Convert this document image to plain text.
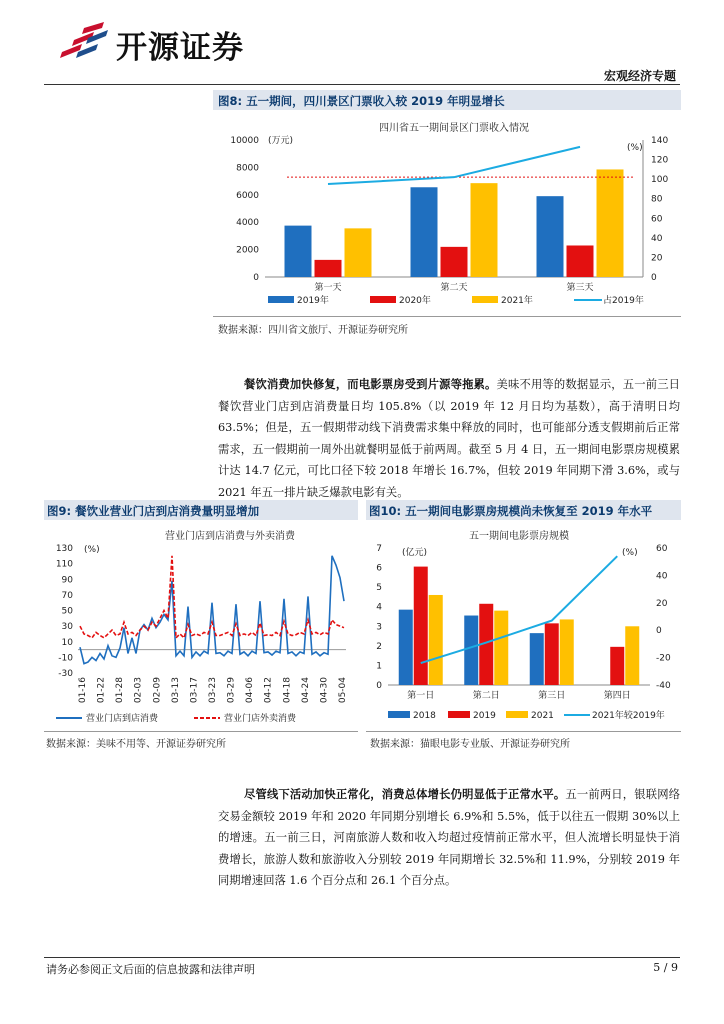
开源证券
宏观经济专题
图8: 五一期间，四川景区门票收入较 2019 年明显增长
四川省五一期间景区门票收入情况
(万元)
(%)
10000
8000
6000
4000
2000
0
140
120
100
80
60
40
20
0
第一天	第二天	第三天
2019年	2020年	2021年	占2019年
数据来源：四川省文旅厅、开源证券研究所
餐饮消费加快修复，而电影票房受到片源等拖累。美味不用等的数据显示，五一前三日餐饮营业门店到店消费量日均 105.8%（以 2019 年 12 月日均为基数），高于清明日均 63.5%；但是，五一假期带动线下消费需求集中释放的同时，也可能部分透支假期前后正常需求，五一假期前一周外出就餐明显低于前两周。截至 5 月 4 日，五一期间电影票房规模累计达 14.7 亿元，可比口径下较 2018 年增长 16.7%，但较 2019 年同期下滑 3.6%，或与 2021 年五一排片缺乏爆款电影有关。
图9: 餐饮业营业门店到店消费量明显增加
营业门店到店消费与外卖消费
(%)
130
110
90
70
50
30
10
-10
-30
01-16 01-22 01-28 02-03 02-09 03-13 03-17 03-23 03-29 04-06 04-12 04-18 04-24 04-30 05-04
营业门店到店消费	营业门店外卖消费
数据来源：美味不用等、开源证券研究所
图10: 五一期间电影票房规模尚未恢复至 2019 年水平
五一期间电影票房规模
(亿元)	(%)
7
6
5
4
3
2
1
0
60
40
20
0
-20
-40
第一日	第二日	第三日	第四日
2018	2019	2021	2021年较2019年
数据来源：猫眼电影专业版、开源证券研究所
尽管线下活动加快正常化，消费总体增长仍明显低于正常水平。五一前两日，银联网络交易金额较 2019 年和 2020 年同期分别增长 6.9%和 5.5%，低于以往五一假期 30%以上的增速。五一前三日，河南旅游人数和收入均超过疫情前正常水平，但人流增长明显快于消费增长，旅游人数和旅游收入分别较 2019 年同期增长 32.5%和 11.9%，分别较 2019 年同期增速回落 1.6 个百分点和 26.1 个百分点。
请务必参阅正文后面的信息披露和法律声明	5 / 9
